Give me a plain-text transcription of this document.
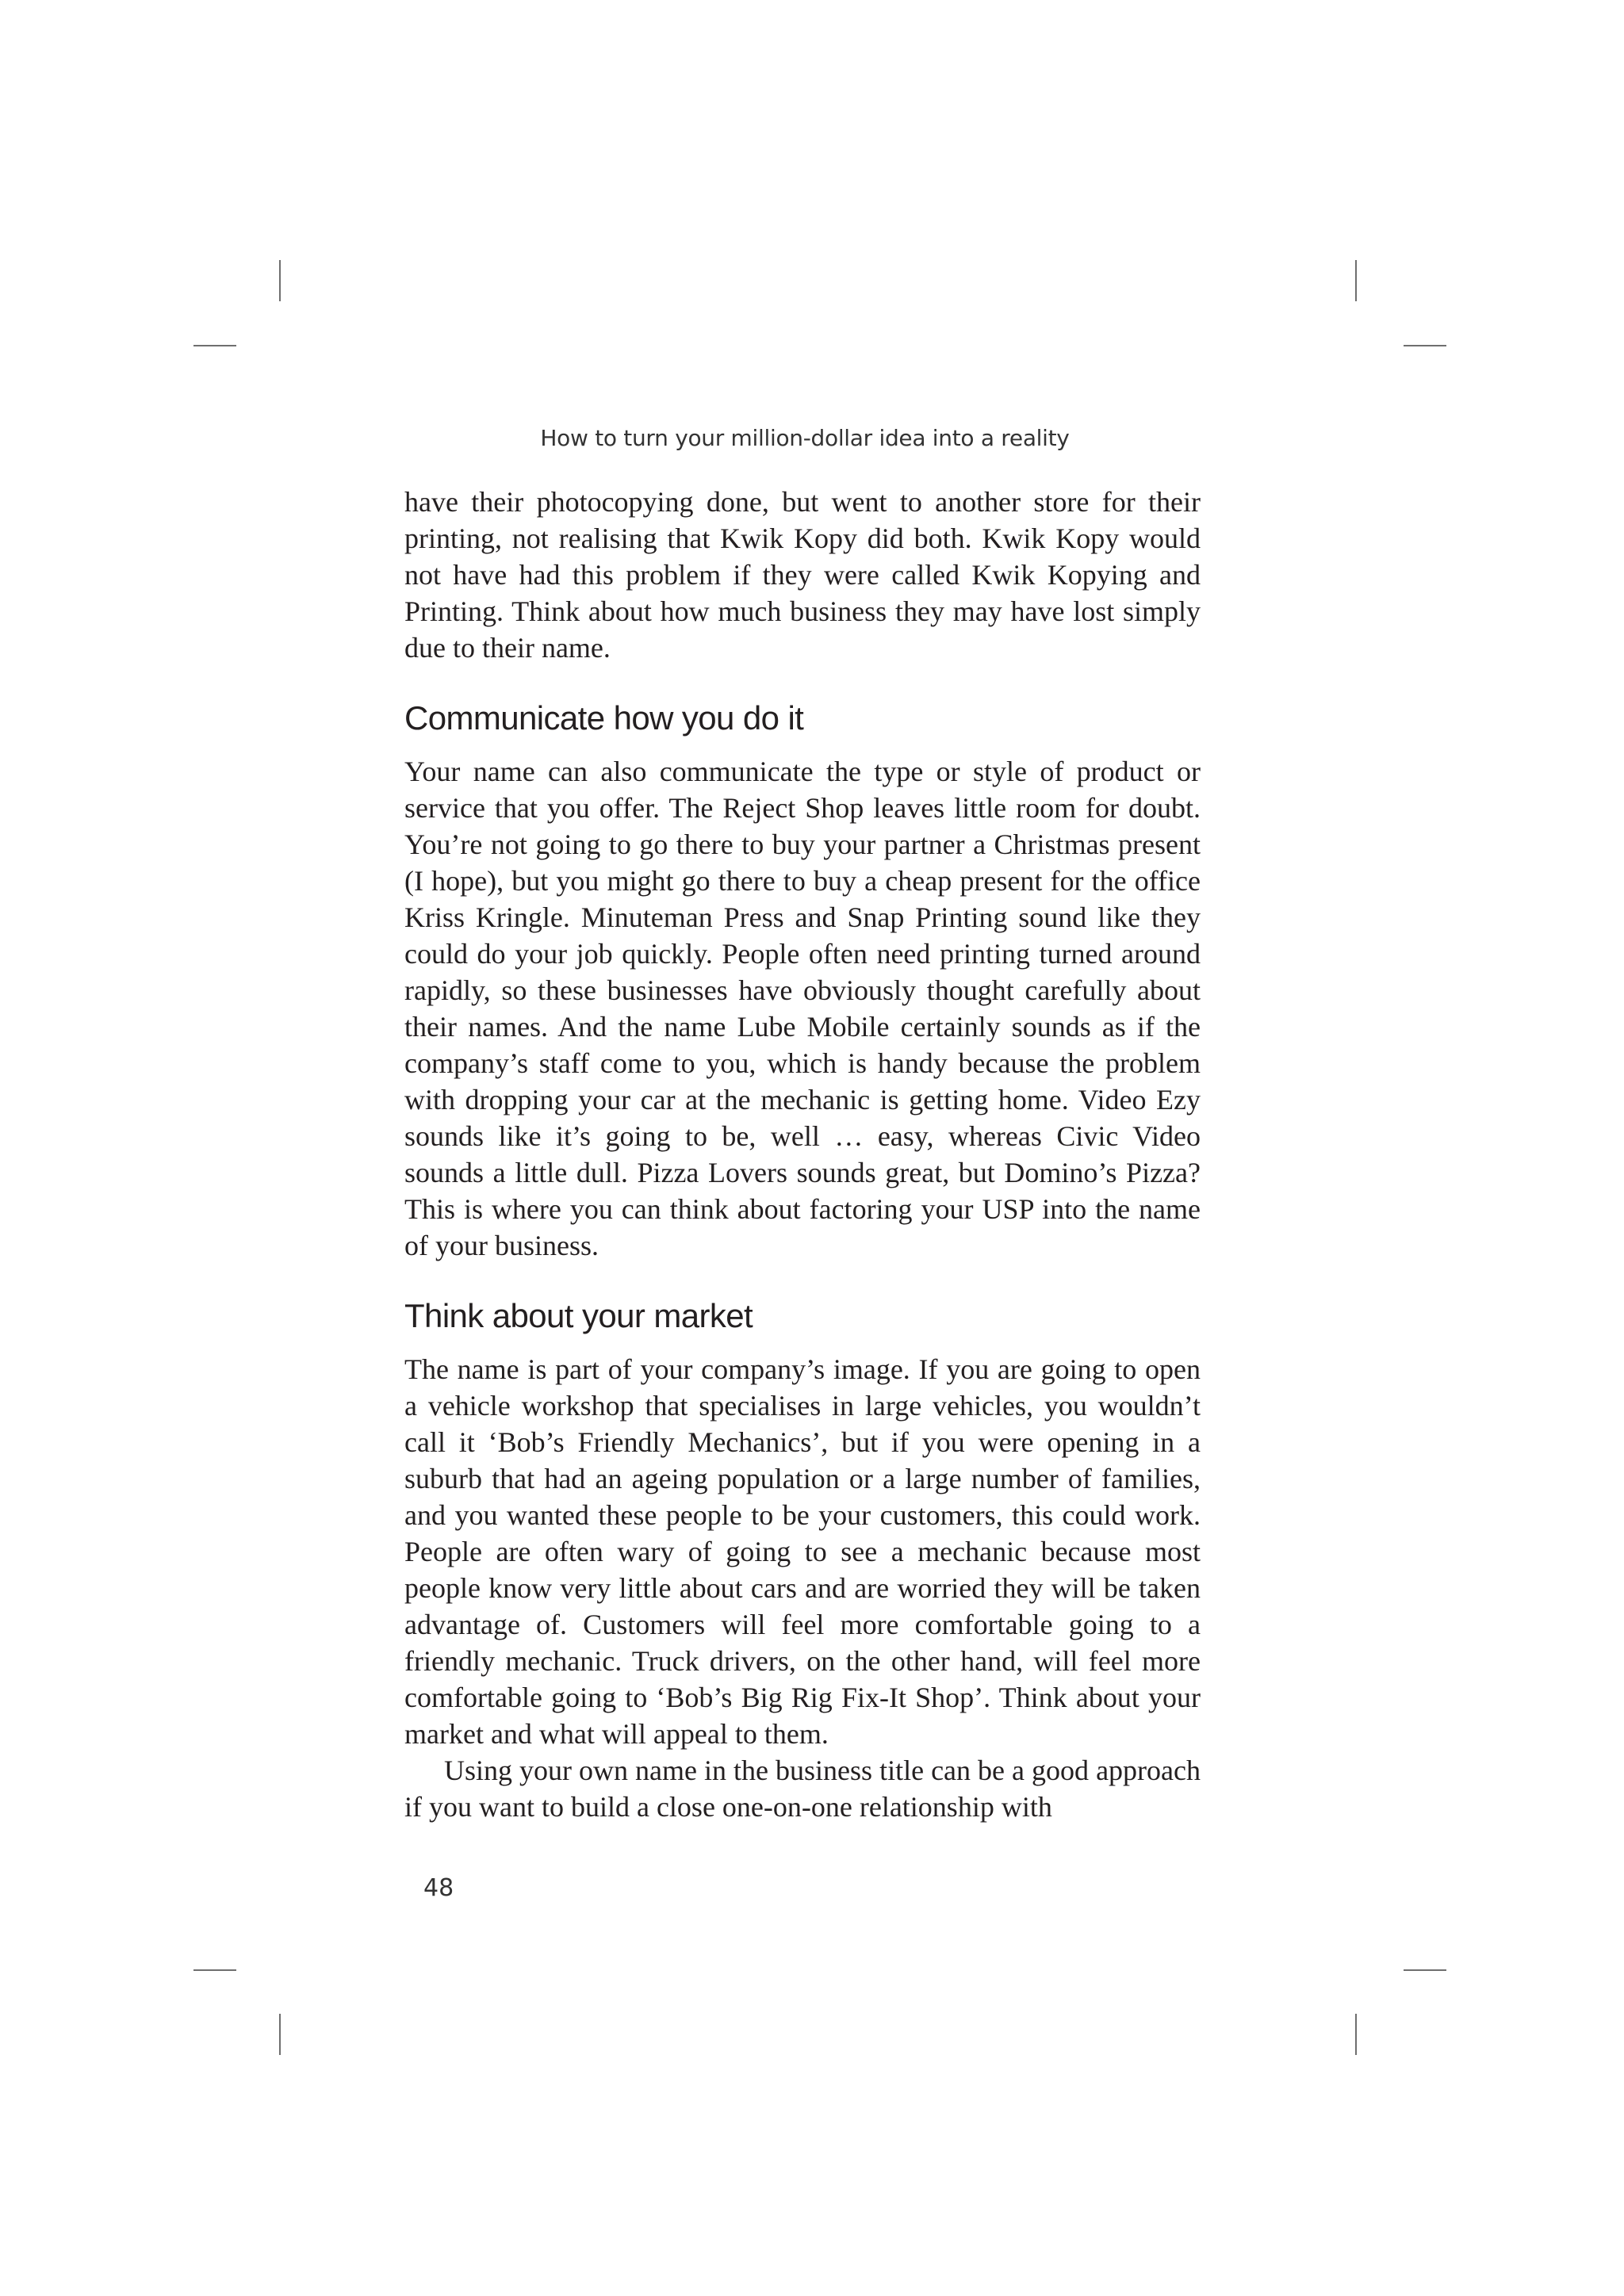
How to turn your million-dollar idea into a reality

have their photocopying done, but went to another store for their printing, not realising that Kwik Kopy did both. Kwik Kopy would not have had this problem if they were called Kwik Kopying and Printing. Think about how much business they may have lost simply due to their name.

Communicate how you do it

Your name can also communicate the type or style of product or service that you offer. The Reject Shop leaves little room for doubt. You’re not going to go there to buy your partner a Christmas present (I hope), but you might go there to buy a cheap present for the office Kriss Kringle. Minuteman Press and Snap Printing sound like they could do your job quickly. People often need printing turned around rapidly, so these businesses have obviously thought carefully about their names. And the name Lube Mobile certainly sounds as if the company’s staff come to you, which is handy because the problem with dropping your car at the mechanic is getting home. Video Ezy sounds like it’s going to be, well … easy, whereas Civic Video sounds a little dull. Pizza Lovers sounds great, but Domino’s Pizza? This is where you can think about factoring your USP into the name of your business.

Think about your market

The name is part of your company’s image. If you are going to open a vehicle workshop that specialises in large vehicles, you wouldn’t call it ‘Bob’s Friendly Mechanics’, but if you were opening in a suburb that had an ageing population or a large number of families, and you wanted these people to be your customers, this could work. People are often wary of going to see a mechanic because most people know very little about cars and are worried they will be taken advantage of. Customers will feel more comfortable going to a friendly mechanic. Truck drivers, on the other hand, will feel more comfortable going to ‘Bob’s Big Rig Fix-It Shop’. Think about your market and what will appeal to them.

Using your own name in the business title can be a good approach if you want to build a close one-on-one relationship with

48
